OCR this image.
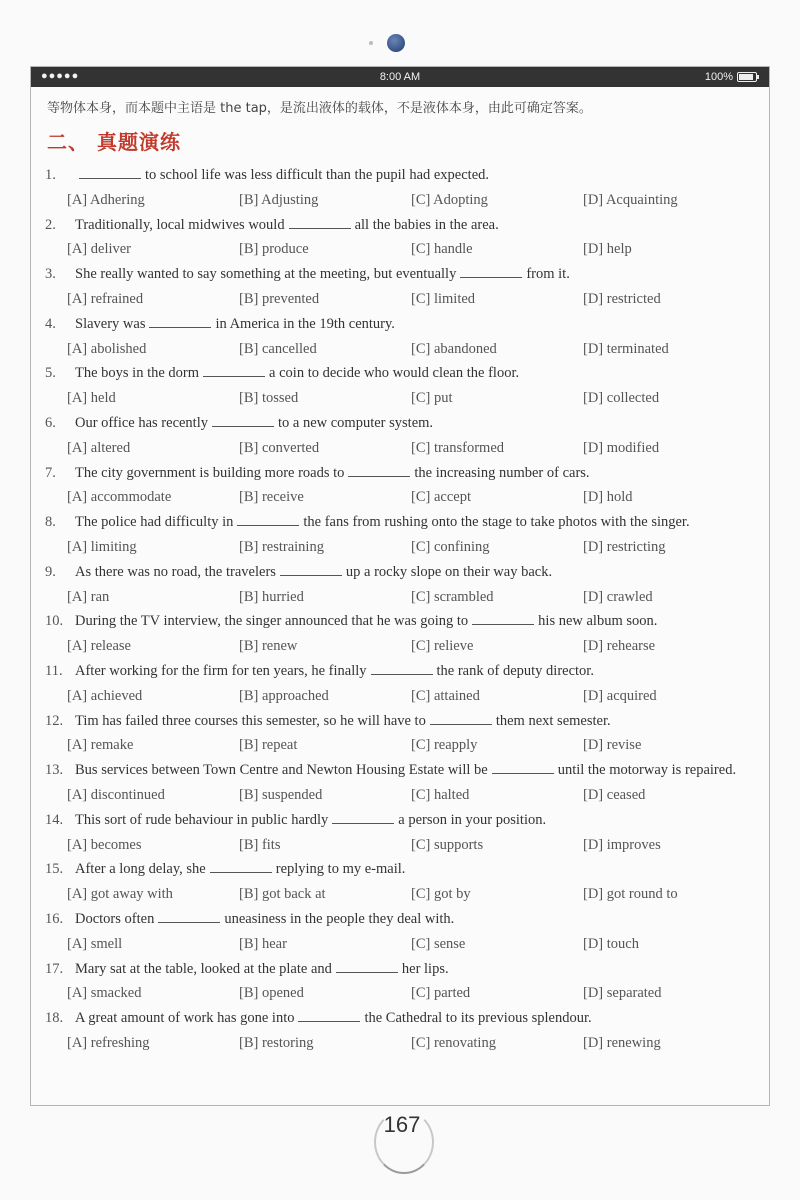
●●●●●	8:00 AM	100%
等物体本身，而本题中主语是 the tap，是流出液体的载体，不是液体本身，由此可确定答案。
二、 真题演练
1.	to school life was less difficult than the pupil had expected.
[A] Adhering	[B] Adjusting	[C] Adopting	[D] Acquainting
2.	Traditionally, local midwives would	all the babies in the area.
[A] deliver	[B] produce	[C] handle	[D] help
3.	She really wanted to say something at the meeting, but eventually	from it.
[A] refrained	[B] prevented	[C] limited	[D] restricted
4.	Slavery was	in America in the 19th century.
[A] abolished	[B] cancelled	[C] abandoned	[D] terminated
5.	The boys in the dorm	a coin to decide who would clean the floor.
[A] held	[B] tossed	[C] put	[D] collected
6.	Our office has recently	to a new computer system.
[A] altered	[B] converted	[C] transformed	[D] modified
7.	The city government is building more roads to	the increasing number of cars.
[A] accommodate	[B] receive	[C] accept	[D] hold
8.	The police had difficulty in	the fans from rushing onto the stage to take photos with the singer.
[A] limiting	[B] restraining	[C] confining	[D] restricting
9.	As there was no road, the travelers	up a rocky slope on their way back.
[A] ran	[B] hurried	[C] scrambled	[D] crawled
10. During the TV interview, the singer announced that he was going to	his new album soon.
[A] release	[B] renew	[C] relieve	[D] rehearse
11. After working for the firm for ten years, he finally	the rank of deputy director.
[A] achieved	[B] approached	[C] attained	[D] acquired
12. Tim has failed three courses this semester, so he will have to	them next semester.
[A] remake	[B] repeat	[C] reapply	[D] revise
13. Bus services between Town Centre and Newton Housing Estate will be	until the motorway is repaired.
[A] discontinued	[B] suspended	[C] halted	[D] ceased
14. This sort of rude behaviour in public hardly	a person in your position.
[A] becomes	[B] fits	[C] supports	[D] improves
15. After a long delay, she	replying to my e-mail.
[A] got away with	[B] got back at	[C] got by	[D] got round to
16. Doctors often	uneasiness in the people they deal with.
[A] smell	[B] hear	[C] sense	[D] touch
17. Mary sat at the table, looked at the plate and	her lips.
[A] smacked	[B] opened	[C] parted	[D] separated
18. A great amount of work has gone into	the Cathedral to its previous splendour.
[A] refreshing	[B] restoring	[C] renovating	[D] renewing
167
